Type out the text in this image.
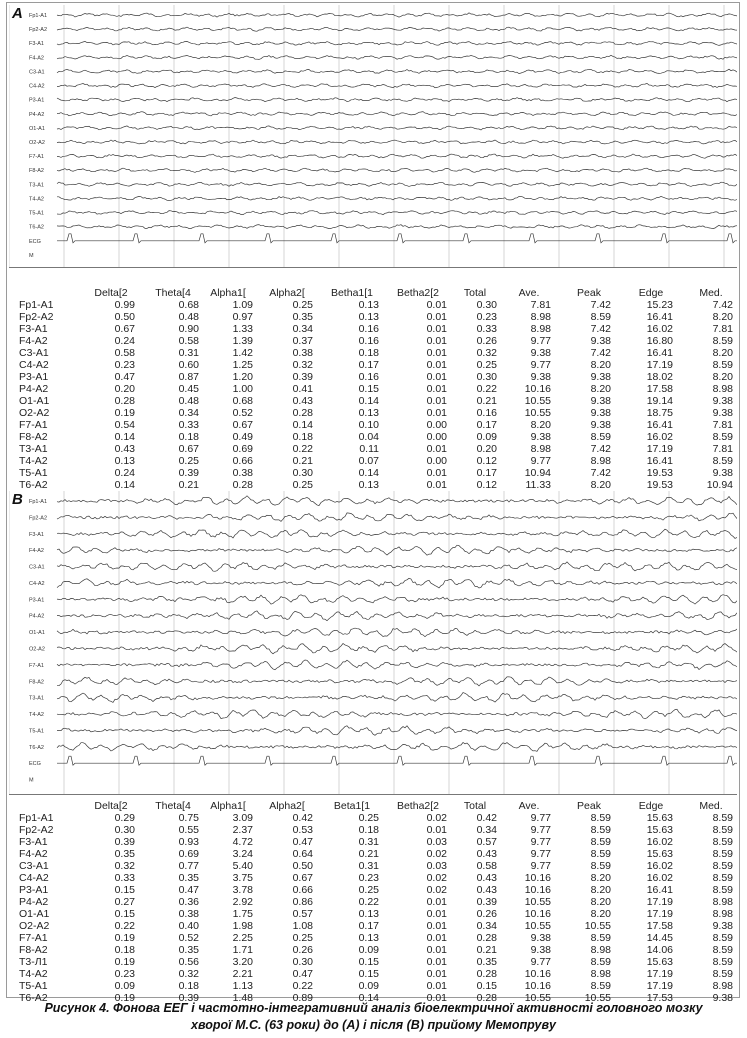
Fp1-A1
Fp2-A2
F3-A1
F4-A2
C3-A1
C4-A2
P3-A1
P4-A2
O1-A1
O2-A2
F7-A1
F8-A2
T3-A1
T4-A2
T5-A1
T6-A2
ECG
M
A
Delta[2	Theta[4	Alpha1[	Alpha2[	Betha1[1	Betha2[2	Total	Ave.	Peak	Edge	Med.
Fp1-A1	0.99	0.68	1.09	0.25	0.13	0.01	0.30	7.81	7.42	15.23	7.42
Fp2-A2	0.50	0.48	0.97	0.35	0.13	0.01	0.23	8.98	8.59	16.41	8.20
F3-A1	0.67	0.90	1.33	0.34	0.16	0.01	0.33	8.98	7.42	16.02	7.81
F4-A2	0.24	0.58	1.39	0.37	0.16	0.01	0.26	9.77	9.38	16.80	8.59
C3-A1	0.58	0.31	1.42	0.38	0.18	0.01	0.32	9.38	7.42	16.41	8.20
C4-A2	0.23	0.60	1.25	0.32	0.17	0.01	0.25	9.77	8.20	17.19	8.59
P3-A1	0.47	0.87	1.20	0.39	0.16	0.01	0.30	9.38	9.38	18.02	8.20
P4-A2	0.20	0.45	1.00	0.41	0.15	0.01	0.22	10.16	8.20	17.58	8.98
O1-A1	0.28	0.48	0.68	0.43	0.14	0.01	0.21	10.55	9.38	19.14	9.38
O2-A2	0.19	0.34	0.52	0.28	0.13	0.01	0.16	10.55	9.38	18.75	9.38
F7-A1	0.54	0.33	0.67	0.14	0.10	0.00	0.17	8.20	9.38	16.41	7.81
F8-A2	0.14	0.18	0.49	0.18	0.04	0.00	0.09	9.38	8.59	16.02	8.59
T3-A1	0.43	0.67	0.69	0.22	0.11	0.01	0.20	8.98	7.42	17.19	7.81
T4-A2	0.13	0.25	0.66	0.21	0.07	0.00	0.12	9.77	8.98	16.41	8.59
T5-A1	0.24	0.39	0.38	0.30	0.14	0.01	0.17	10.94	7.42	19.53	9.38
T6-A2	0.14	0.21	0.28	0.25	0.13	0.01	0.12	11.33	8.20	19.53	10.94
Fp1-A1
Fp2-A2
F3-A1
F4-A2
C3-A1
C4-A2
P3-A1
P4-A2
O1-A1
O2-A2
F7-A1
F8-A2
T3-A1
T4-A2
T5-A1
T6-A2
ECG
M
B
Delta[2	Theta[4	Alpha1[	Alpha2[	Beta1[1	Betha2[2	Total	Ave.	Peak	Edge	Med.
Fp1-A1	0.29	0.75	3.09	0.42	0.25	0.02	0.42	9.77	8.59	15.63	8.59
Fp2-A2	0.30	0.55	2.37	0.53	0.18	0.01	0.34	9.77	8.59	15.63	8.59
F3-A1	0.39	0.93	4.72	0.47	0.31	0.03	0.57	9.77	8.59	16.02	8.59
F4-A2	0.35	0.69	3.24	0.64	0.21	0.02	0.43	9.77	8.59	15.63	8.59
C3-A1	0.32	0.77	5.40	0.50	0.31	0.03	0.58	9.77	8.59	16.02	8.59
C4-A2	0.33	0.35	3.75	0.67	0.23	0.02	0.43	10.16	8.20	16.02	8.59
P3-A1	0.15	0.47	3.78	0.66	0.25	0.02	0.43	10.16	8.20	16.41	8.59
P4-A2	0.27	0.36	2.92	0.86	0.22	0.01	0.39	10.55	8.20	17.19	8.98
O1-A1	0.15	0.38	1.75	0.57	0.13	0.01	0.26	10.16	8.20	17.19	8.98
O2-A2	0.22	0.40	1.98	1.08	0.17	0.01	0.34	10.55	10.55	17.58	9.38
F7-A1	0.19	0.52	2.25	0.25	0.13	0.01	0.28	9.38	8.59	14.45	8.59
F8-A2	0.18	0.35	1.71	0.26	0.09	0.01	0.21	9.38	8.98	14.06	8.59
T3-Л1	0.19	0.56	3.20	0.30	0.15	0.01	0.35	9.77	8.59	15.63	8.59
T4-A2	0.23	0.32	2.21	0.47	0.15	0.01	0.28	10.16	8.98	17.19	8.59
T5-A1	0.09	0.18	1.13	0.22	0.09	0.01	0.15	10.16	8.59	17.19	8.98
T6-A2	0.19	0.39	1.48	0.89	0.14	0.01	0.28	10.55	10.55	17.53	9.38
Рисунок 4. Фонова ЕЕГ і частотно-інтегративний аналіз біоелектричної активності головного мозку
хворої М.С. (63 роки) до (А) і після (В) прийому Мемопрувy
